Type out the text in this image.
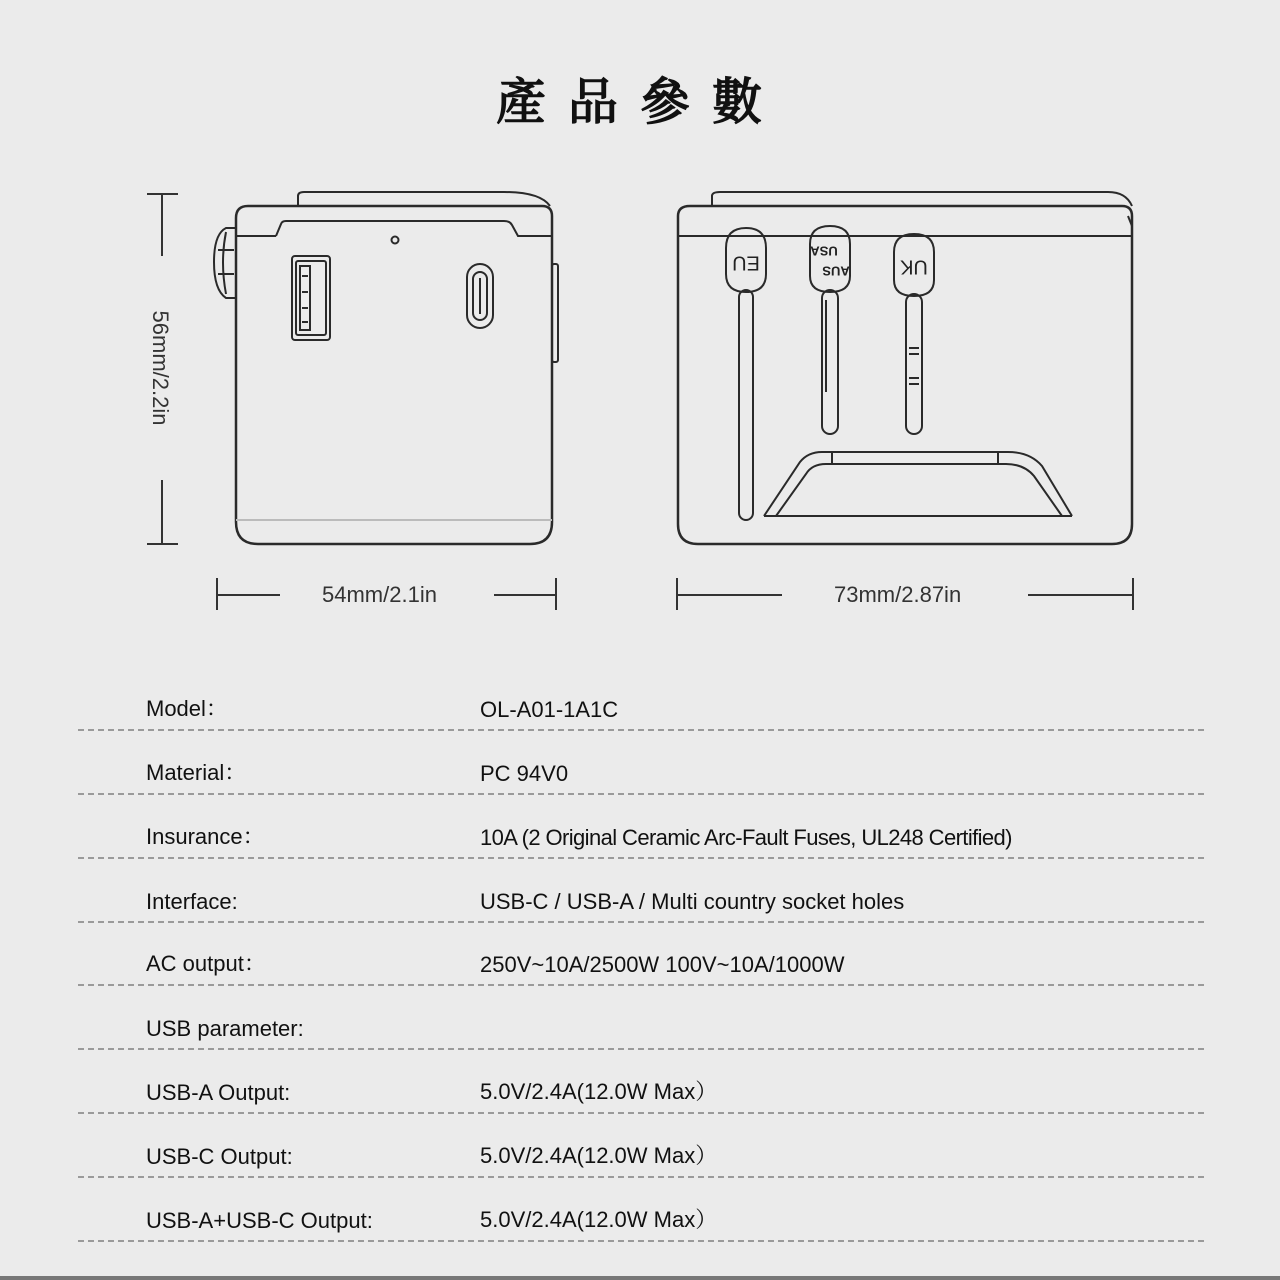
產品參數
EU	AUS
USA
UK
56mm/2.2in
54mm/2.1in	73mm/2.87in
Model：	OL-A01-1A1C
Material：	PC 94V0
Insurance：	10A (2 Original Ceramic Arc-Fault Fuses, UL248 Certified)
Interface:	USB-C / USB-A / Multi country socket holes
AC output：	250V~10A/2500W 100V~10A/1000W
USB parameter:
USB-A Output:	5.0V/2.4A(12.0W Max）
USB-C Output:	5.0V/2.4A(12.0W Max）
USB-A+USB-C Output:	5.0V/2.4A(12.0W Max）
